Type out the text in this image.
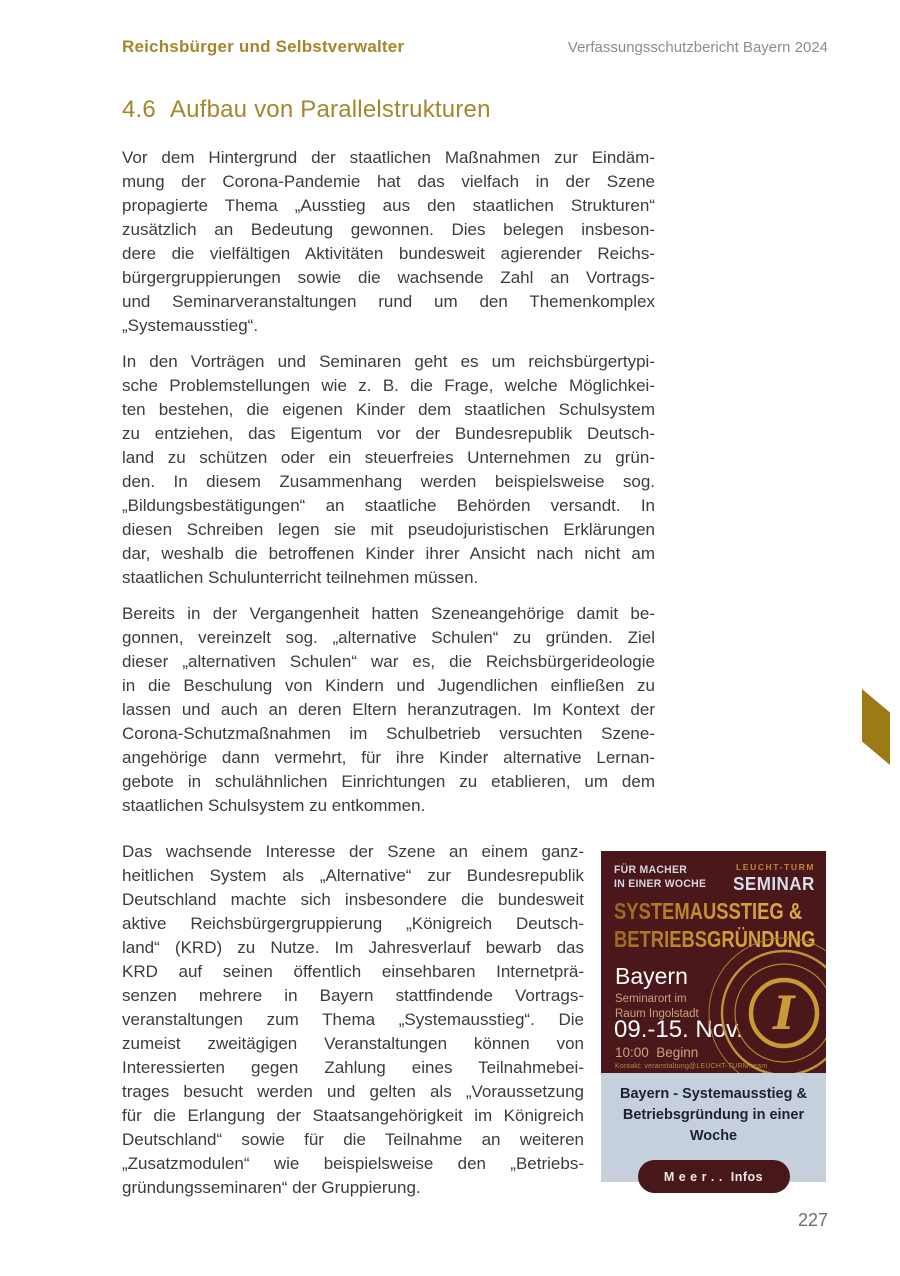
Reichsbürger und Selbstverwalter	Verfassungsschutzbericht Bayern 2024
4.6 Aufbau von Parallelstrukturen
Vor dem Hintergrund der staatlichen Maßnahmen zur Eindäm-
mung der Corona-Pandemie hat das vielfach in der Szene
propagierte Thema „Ausstieg aus den staatlichen Strukturen“
zusätzlich an Bedeutung gewonnen. Dies belegen insbeson-
dere die vielfältigen Aktivitäten bundesweit agierender Reichs-
bürgergruppierungen sowie die wachsende Zahl an Vortrags-
und Seminarveranstaltungen rund um den Themenkomplex
„Systemausstieg“.
In den Vorträgen und Seminaren geht es um reichsbürgertypi-
sche Problemstellungen wie z. B. die Frage, welche Möglichkei-
ten bestehen, die eigenen Kinder dem staatlichen Schulsystem
zu entziehen, das Eigentum vor der Bundesrepublik Deutsch-
land zu schützen oder ein steuerfreies Unternehmen zu grün-
den. In diesem Zusammenhang werden beispielsweise sog.
„Bildungsbestätigungen“ an staatliche Behörden versandt. In
diesen Schreiben legen sie mit pseudojuristischen Erklärungen
dar, weshalb die betroffenen Kinder ihrer Ansicht nach nicht am
staatlichen Schulunterricht teilnehmen müssen.
Bereits in der Vergangenheit hatten Szeneangehörige damit be-
gonnen, vereinzelt sog. „alternative Schulen“ zu gründen. Ziel
dieser „alternativen Schulen“ war es, die Reichsbürgerideologie
in die Beschulung von Kindern und Jugendlichen einfließen zu
lassen und auch an deren Eltern heranzutragen. Im Kontext der
Corona-Schutzmaßnahmen im Schulbetrieb versuchten Szene-
angehörige dann vermehrt, für ihre Kinder alternative Lernan-
gebote in schulähnlichen Einrichtungen zu etablieren, um dem
staatlichen Schulsystem zu entkommen.
Das wachsende Interesse der Szene an einem ganz-
heitlichen System als „Alternative“ zur Bundesrepublik
Deutschland machte sich insbesondere die bundesweit
aktive Reichsbürgergruppierung „Königreich Deutsch-
land“ (KRD) zu Nutze. Im Jahresverlauf bewarb das
KRD auf seinen öffentlich einsehbaren Internetprä-
senzen mehrere in Bayern stattfindende Vortrags-
veranstaltungen zum Thema „Systemausstieg“. Die
zumeist zweitägigen Veranstaltungen können von
Interessierten gegen Zahlung eines Teilnahmebei-
trages besucht werden und gelten als „Voraussetzung
für die Erlangung der Staatsangehörigkeit im Königreich
Deutschland“ sowie für die Teilnahme an weiteren
„Zusatzmodulen“ wie beispielsweise den „Betriebs-
gründungsseminaren“ der Gruppierung.
FÜR MACHER
IN EINER WOCHE
LEUCHT-TURM
SEMINAR
SYSTEMAUSSTIEG &
BETRIEBSGRÜNDUNG
Bayern
Seminarort im
Raum Ingolstadt
09.-15. Nov.
10:00  Beginn
Kontakt: veranstaltung@LEUCHT-TURM.team
I
Bayern - Systemausstieg &
Betriebsgründung in einer Woche
M e e r . .  Infos
227
